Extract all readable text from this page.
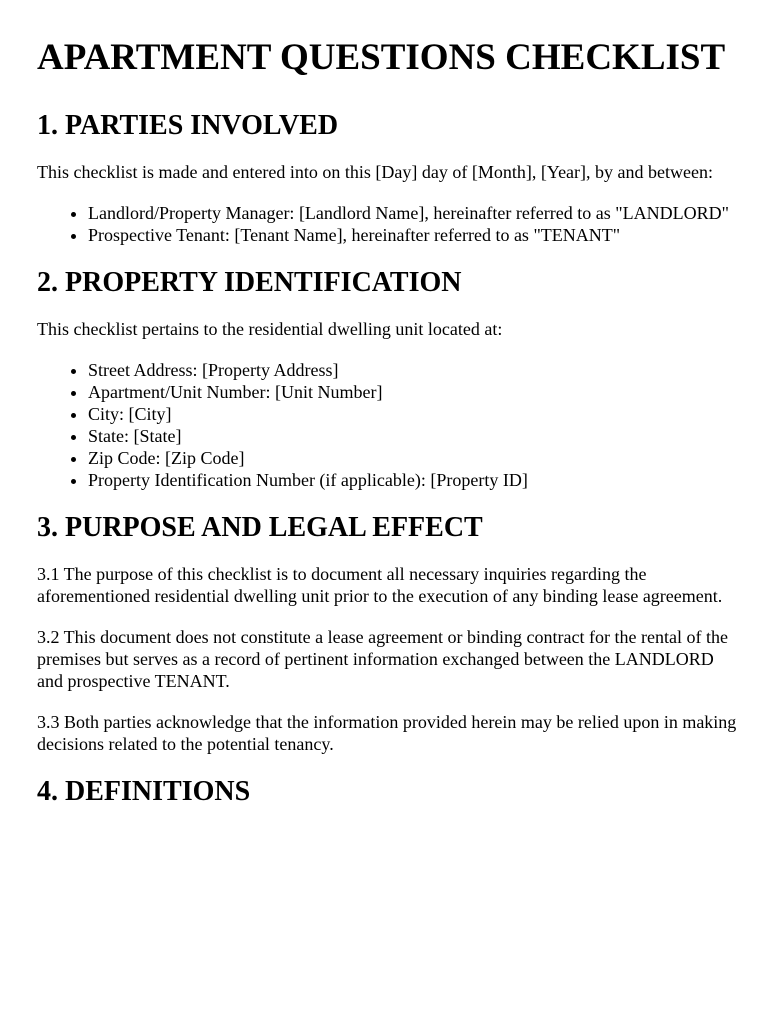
APARTMENT QUESTIONS CHECKLIST
1. PARTIES INVOLVED

This checklist is made and entered into on this [Day] day of [Month], [Year], by and between:

• Landlord/Property Manager: [Landlord Name], hereinafter referred to as "LANDLORD"
• Prospective Tenant: [Tenant Name], hereinafter referred to as "TENANT"
2. PROPERTY IDENTIFICATION

This checklist pertains to the residential dwelling unit located at:

• Street Address: [Property Address]
• Apartment/Unit Number: [Unit Number]
• City: [City]
• State: [State]
• Zip Code: [Zip Code]
• Property Identification Number (if applicable): [Property ID]
3. PURPOSE AND LEGAL EFFECT

3.1 The purpose of this checklist is to document all necessary inquiries regarding the aforementioned residential dwelling unit prior to the execution of any binding lease agreement.

3.2 This document does not constitute a lease agreement or binding contract for the rental of the premises but serves as a record of pertinent information exchanged between the LANDLORD and prospective TENANT.

3.3 Both parties acknowledge that the information provided herein may be relied upon in making decisions related to the potential tenancy.

4. DEFINITIONS
